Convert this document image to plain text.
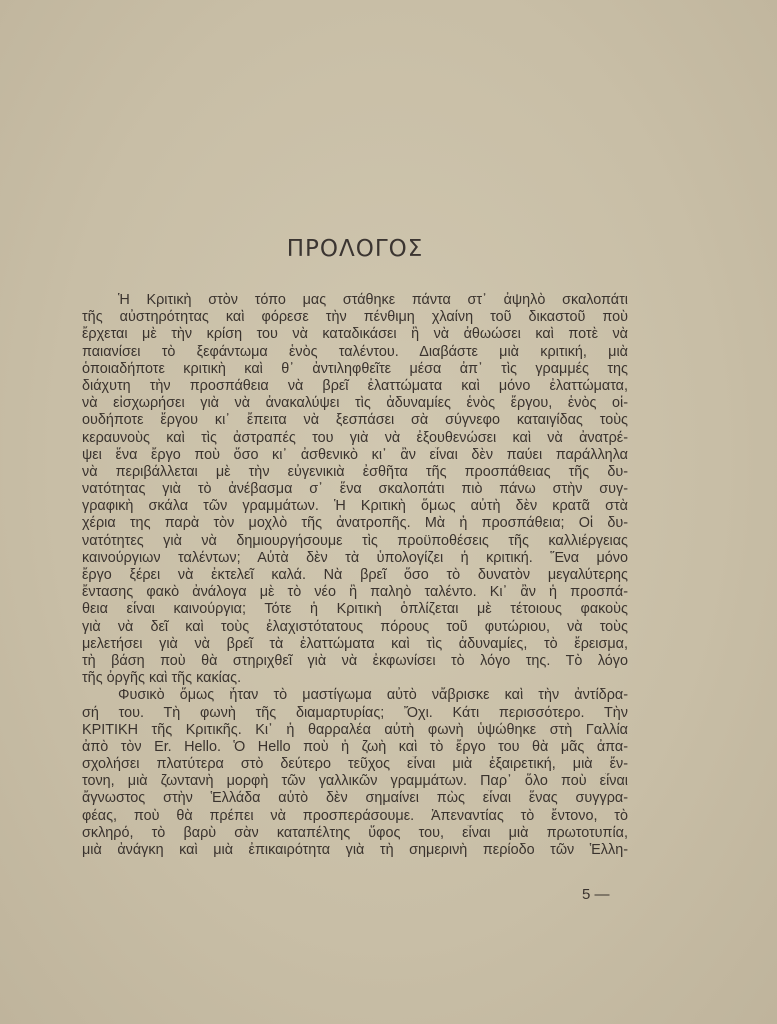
ΠΡΟΛΟΓΟΣ
Ἡ Κριτικὴ στὸν τόπο μας στάθηκε πάντα στ᾽ ἀψηλὸ σκαλοπάτι
τῆς αὐστηρότητας καὶ φόρεσε τὴν πένθιμη χλαίνη τοῦ δικαστοῦ ποὺ
ἔρχεται μὲ τὴν κρίση του νὰ καταδικάσει ἢ νὰ ἀθωώσει καὶ ποτὲ νὰ
παιανίσει τὸ ξεφάντωμα ἑνὸς ταλέντου. Διαβάστε μιὰ κριτική, μιὰ
ὁποιαδήποτε κριτικὴ καὶ θ᾽ ἀντιληφθεῖτε μέσα ἀπ᾽ τὶς γραμμές της
διάχυτη τὴν προσπάθεια νὰ βρεῖ ἐλαττώματα καὶ μόνο ἐλαττώματα,
νὰ εἰσχωρήσει γιὰ νὰ ἀνακαλύψει τὶς ἀδυναμίες ἑνὸς ἔργου, ἑνὸς οἱ-
ουδήποτε ἔργου κι᾽ ἔπειτα νὰ ξεσπάσει σὰ σύγνεφο καταιγίδας τοὺς
κεραυνοὺς καὶ τὶς ἀστραπές του γιὰ νὰ ἐξουθενώσει καὶ νὰ ἀνατρέ-
ψει ἕνα ἔργο ποὺ ὅσο κι᾽ ἀσθενικὸ κι᾽ ἂν εἶναι δὲν παύει παράλληλα
νὰ περιβάλλεται μὲ τὴν εὐγενικιὰ ἐσθῆτα τῆς προσπάθειας τῆς δυ-
νατότητας γιὰ τὸ ἀνέβασμα σ᾽ ἕνα σκαλοπάτι πιὸ πάνω στὴν συγ-
γραφικὴ σκάλα τῶν γραμμάτων. Ἡ Κριτικὴ ὅμως αὐτὴ δὲν κρατᾶ στὰ
χέρια της παρὰ τὸν μοχλὸ τῆς ἀνατροπῆς. Μὰ ἡ προσπάθεια; Οἱ δυ-
νατότητες γιὰ νὰ δημιουργήσουμε τὶς προϋποθέσεις τῆς καλλιέργειας
καινούργιων ταλέντων; Αὐτὰ δὲν τὰ ὑπολογίζει ἡ κριτική. Ἕνα μόνο
ἔργο ξέρει νὰ ἐκτελεῖ καλά. Νὰ βρεῖ ὅσο τὸ δυνατὸν μεγαλύτερης
ἔντασης φακὸ ἀνάλογα μὲ τὸ νέο ἢ παληὸ ταλέντο. Κι᾽ ἂν ἡ προσπά-
θεια εἶναι καινούργια; Τότε ἡ Κριτικὴ ὁπλίζεται μὲ τέτοιους φακοὺς
γιὰ νὰ δεῖ καὶ τοὺς ἐλαχιστότατους πόρους τοῦ φυτώριου, νὰ τοὺς
μελετήσει γιὰ νὰ βρεῖ τὰ ἐλαττώματα καὶ τὶς ἀδυναμίες, τὸ ἔρεισμα,
τὴ βάση ποὺ θὰ στηριχθεῖ γιὰ νὰ ἐκφωνίσει τὸ λόγο της. Τὸ λόγο
τῆς ὀργῆς καὶ τῆς κακίας.
Φυσικὸ ὅμως ἦταν τὸ μαστίγωμα αὐτὸ νἄβρισκε καὶ τὴν ἀντίδρα-
σή του. Τὴ φωνὴ τῆς διαμαρτυρίας; Ὄχι. Κάτι περισσότερο. Τὴν
ΚΡΙΤΙΚΗ τῆς Κριτικῆς. Κι᾽ ἡ θαρραλέα αὐτὴ φωνὴ ὑψώθηκε στὴ Γαλλία
ἀπὸ τὸν Er. Hello. Ὁ Hello ποὺ ἡ ζωὴ καὶ τὸ ἔργο του θὰ μᾶς ἀπα-
σχολήσει πλατύτερα στὸ δεύτερο τεῦχος εἶναι μιὰ ἐξαιρετική, μιὰ ἔν-
τονη, μιὰ ζωντανὴ μορφὴ τῶν γαλλικῶν γραμμάτων. Παρ᾽ ὅλο ποὺ εἶναι
ἄγνωστος στὴν Ἑλλάδα αὐτὸ δὲν σημαίνει πὼς εἶναι ἕνας συγγρα-
φέας, ποὺ θὰ πρέπει νὰ προσπεράσουμε. Ἀπεναντίας τὸ ἔντονο, τὸ
σκληρό, τὸ βαρὺ σὰν καταπέλτης ὕφος του, εἶναι μιὰ πρωτοτυπία,
μιὰ ἀνάγκη καὶ μιὰ ἐπικαιρότητα γιὰ τὴ σημερινὴ περίοδο τῶν Ἑλλη-
5 —
